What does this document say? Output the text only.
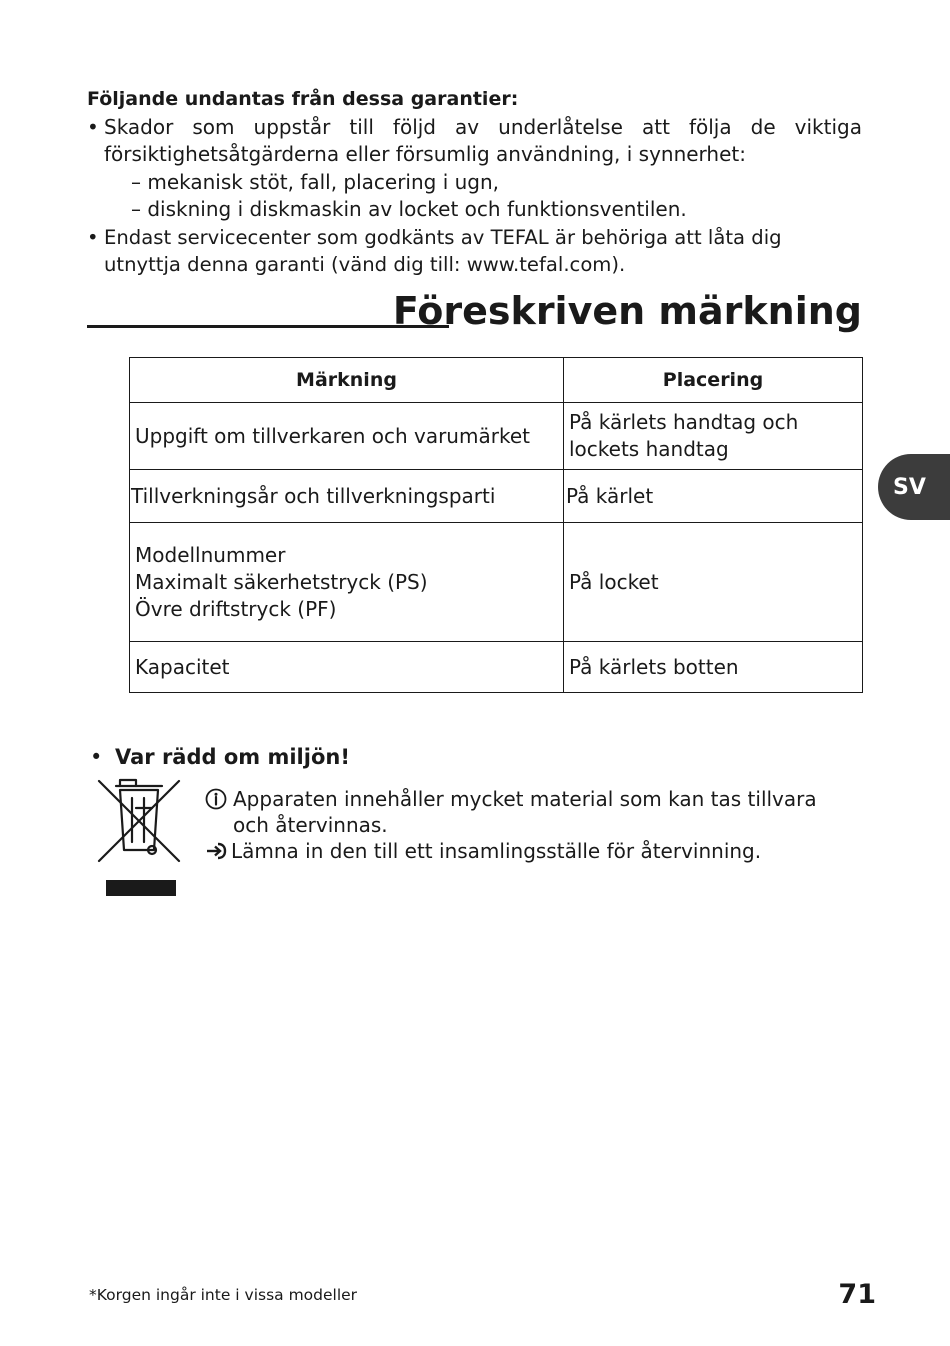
Följande undantas från dessa garantier:
• Skador som uppstår till följd av underlåtelse att följa de viktiga försiktighetsåtgärderna eller försumlig användning, i synnerhet:
– mekanisk stöt, fall, placering i ugn,
– diskning i diskmaskin av locket och funktionsventilen.
• Endast servicecenter som godkänts av TEFAL är behöriga att låta dig utnyttja denna garanti (vänd dig till: www.tefal.com).
Föreskriven märkning
Märkning	Placering

Uppgift om tillverkaren och varumärket	På kärlets handtag och
lockets handtag

Tillverkningsår och tillverkningsparti	På kärlet

Modellnummer
Maximalt säkerhetstryck (PS)
Övre driftstryck (PF)	På locket

Kapacitet	På kärlets botten
SV
• Var rädd om miljön!
Apparaten innehåller mycket material som kan tas tillvara
och återvinnas.
Lämna in den till ett insamlingsställe för återvinning.
*Korgen ingår inte i vissa modeller	71
